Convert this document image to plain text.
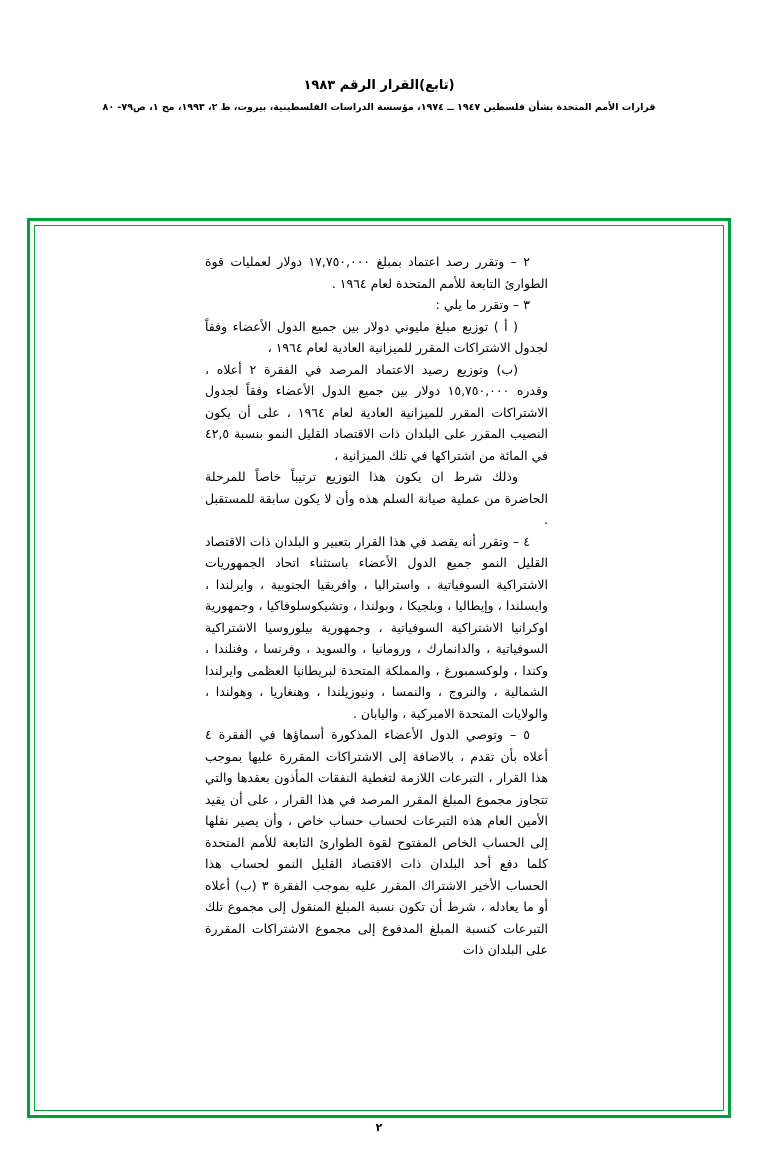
(تابع)القرار الرقم ١٩٨٣
قرارات الأمم المتحدة بشأن فلسطين ١٩٤٧ ــ ١٩٧٤، مؤسسة الدراسات الفلسطينية، بيروت، ط ٢، ١٩٩٣، مج ١، ص٧٩- ٨٠

٢ – وتقرر رصد اعتماد بمبلغ ١٧,٧٥٠,٠٠٠ دولار لعمليات قوة الطوارئ التابعة للأمم المتحدة لعام ١٩٦٤ .

٣ – وتقرر ما يلي :

( أ ) توزيع مبلغ مليوني دولار بين جميع الدول الأعضاء وفقاً لجدول الاشتراكات المقرر للميزانية العادية لعام ١٩٦٤ ،

(ب) وتوزيع رصيد الاعتماد المرصد في الفقرة ٢ أعلاه ، وقدره ١٥,٧٥٠,٠٠٠ دولار بين جميع الدول الأعضاء وفقاً لجدول الاشتراكات المقرر للميزانية العادية لعام ١٩٦٤ ، على أن يكون النصيب المقرر على البلدان ذات الاقتصاد القليل النمو بنسبة ٤٢,٥ في المائة من اشتراكها في تلك الميزانية ،

وذلك شرط ان يكون هذا التوزيع ترتيباً خاصاً للمرحلة الحاضرة من عملية صيانة السلم هذه وأن لا يكون سابقة للمستقبل .

٤ – وتقرر أنه يقصد في هذا القرار بتعبير و البلدان ذات الاقتصاد القليل النمو جميع الدول الأعضاء باستثناء اتحاد الجمهوريات الاشتراكية السوفياتية ، واستراليا ، وافريقيا الجنوبية ، وايرلندا ، وايسلندا ، وإيطاليا ، وبلجيكا ، وبولندا ، وتشيكوسلوفاكيا ، وجمهورية اوكرانيا الاشتراكية السوفياتية ، وجمهورية بيلوروسيا الاشتراكية السوفياتية ، والدانمارك ، ورومانيا ، والسويد ، وفرنسا ، وفنلندا ، وكندا ، ولوكسمبورغ ، والمملكة المتحدة لبريطانيا العظمى وايرلندا الشمالية ، والنروج ، والنمسا ، ونيوزيلندا ، وهنغاريا ، وهولندا ، والولايات المتحدة الامبركية ، واليابان .

٥ – وتوصي الدول الأعضاء المذكورة أسماؤها في الفقرة ٤ أعلاه بأن تقدم ، بالاضافة إلى الاشتراكات المقررة عليها بموجب هذا القرار ، التبرعات اللازمة لتغطية النفقات المأذون بعقدها والتي تتجاوز مجموع المبلغ المقرر المرصد في هذا القرار ، على أن يقيد الأمين العام هذه التبرعات لحساب حساب خاص ، وأن يصير نقلها إلى الحساب الخاص المفتوح لقوة الطوارئ التابعة للأمم المتحدة كلما دفع أحد البلدان ذات الاقتصاد القليل النمو لحساب هذا الحساب الأخير الاشتراك المقرر عليه بموجب الفقرة ٣ (ب) أعلاه أو ما يعادله ، شرط أن تكون نسبة المبلغ المنقول إلى مجموع تلك التبرعات كنسبة المبلغ المدفوع إلى مجموع الاشتراكات المقررة على البلدان ذات

٢
